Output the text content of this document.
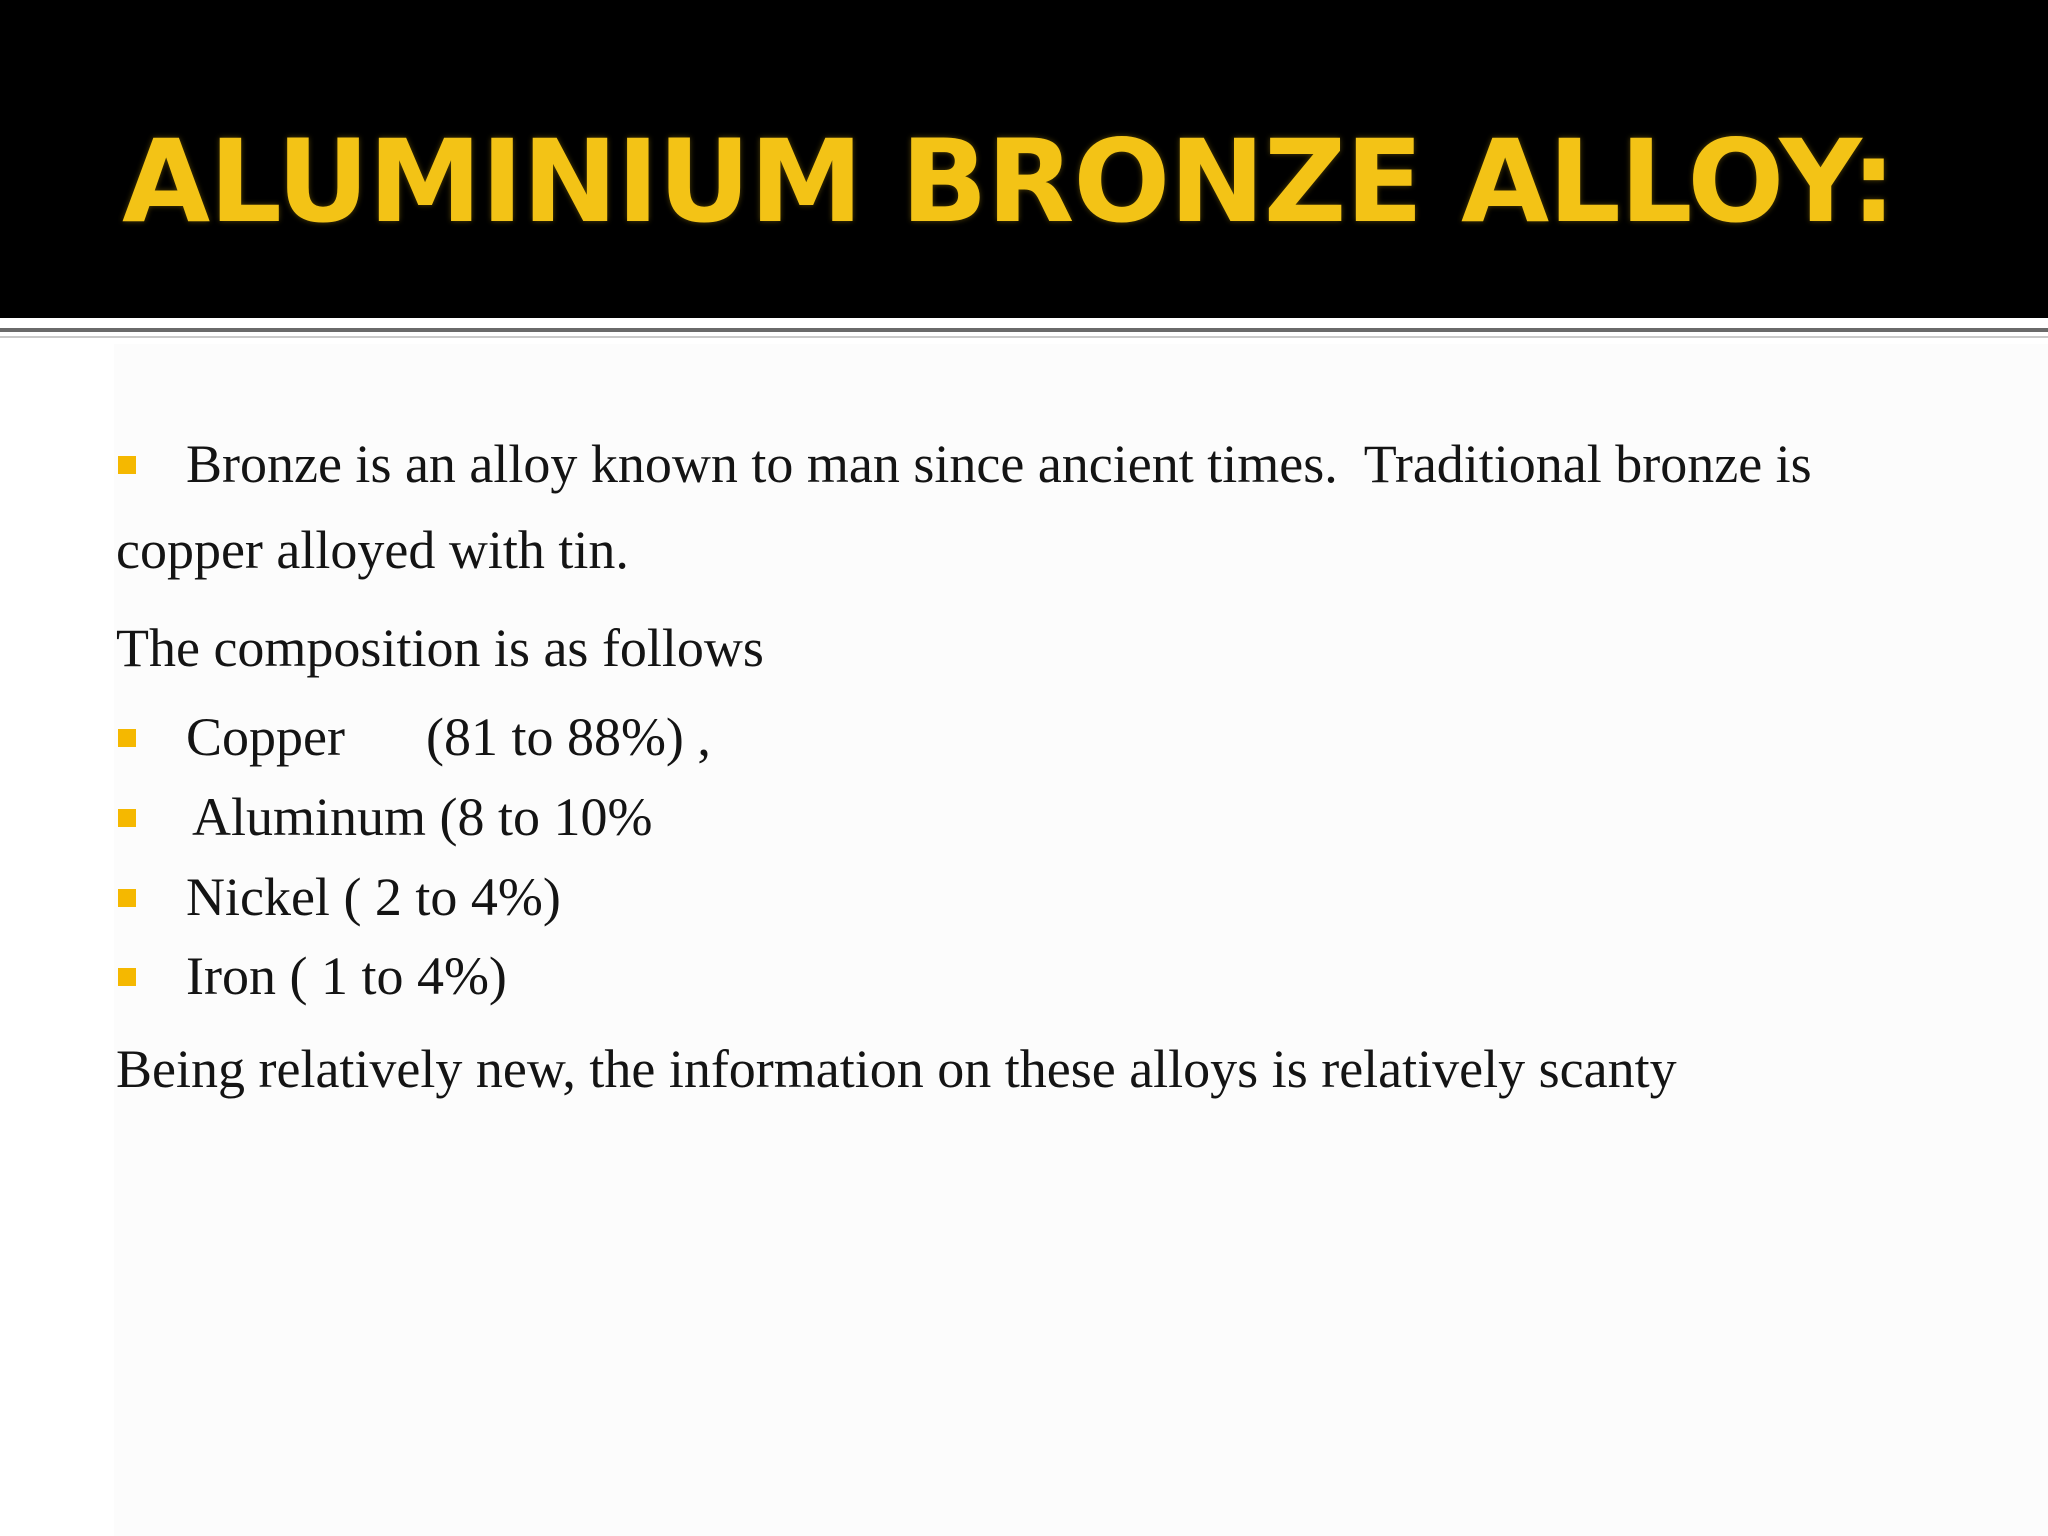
ALUMINIUM BRONZE ALLOY:

Bronze is an alloy known to man since ancient times.  Traditional bronze is

copper alloyed with tin.

The composition is as follows

Copper      (81 to 88%) ,

Aluminum (8 to 10%

Nickel ( 2 to 4%)

Iron ( 1 to 4%)

Being relatively new, the information on these alloys is relatively scanty
